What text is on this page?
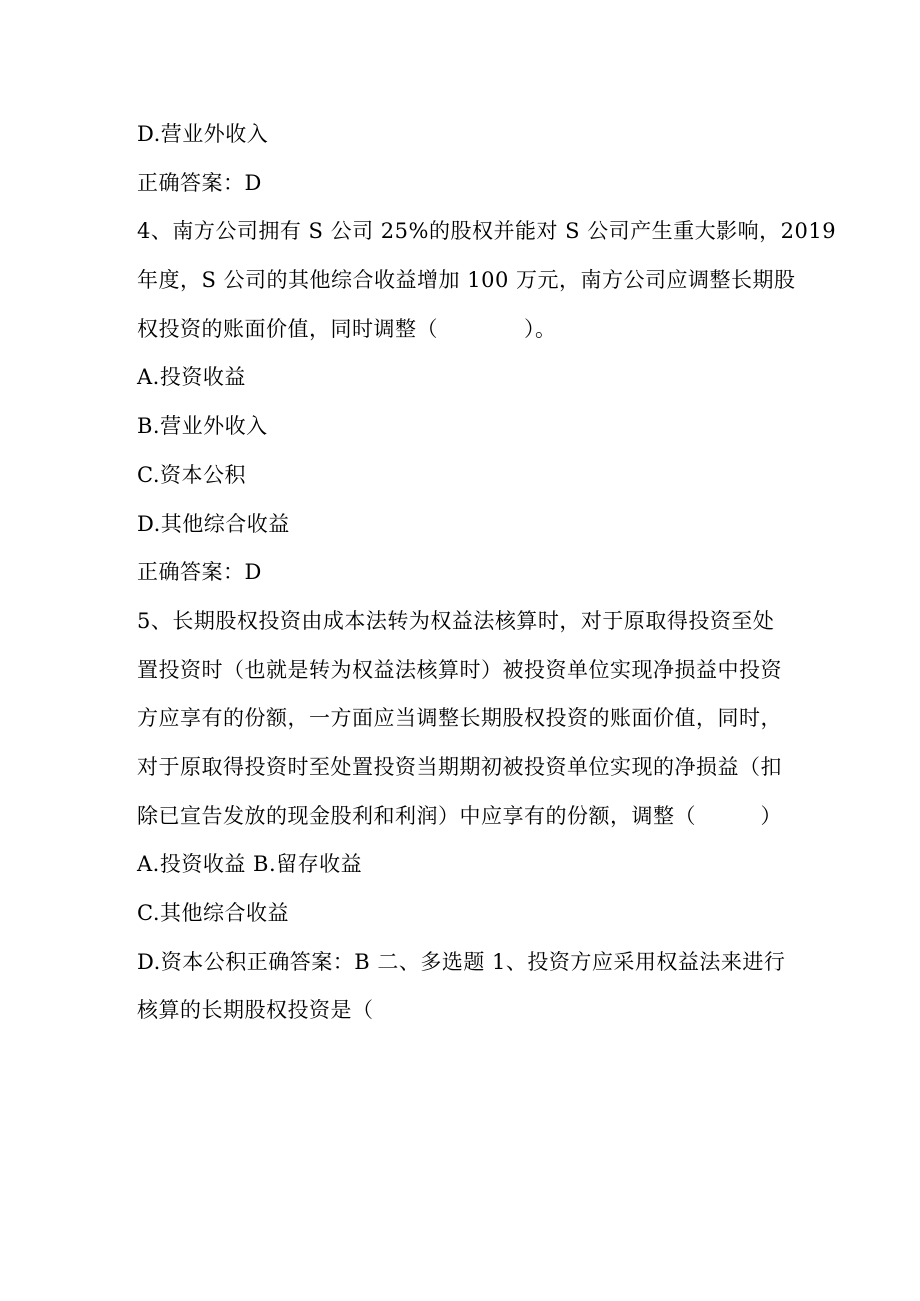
D.营业外收入
正确答案：D
4、南方公司拥有 S 公司 25%的股权并能对 S 公司产生重大影响，2019
年度，S 公司的其他综合收益增加 100 万元，南方公司应调整长期股
权投资的账面价值，同时调整（　　　　）。
A.投资收益
B.营业外收入
C.资本公积
D.其他综合收益
正确答案：D
5、长期股权投资由成本法转为权益法核算时，对于原取得投资至处
置投资时（也就是转为权益法核算时）被投资单位实现净损益中投资
方应享有的份额，一方面应当调整长期股权投资的账面价值，同时，
对于原取得投资时至处置投资当期期初被投资单位实现的净损益（扣
除已宣告发放的现金股利和利润）中应享有的份额，调整（　　　）
A.投资收益 B.留存收益
C.其他综合收益
D.资本公积正确答案：B 二、多选题 1、投资方应采用权益法来进行
核算的长期股权投资是（
